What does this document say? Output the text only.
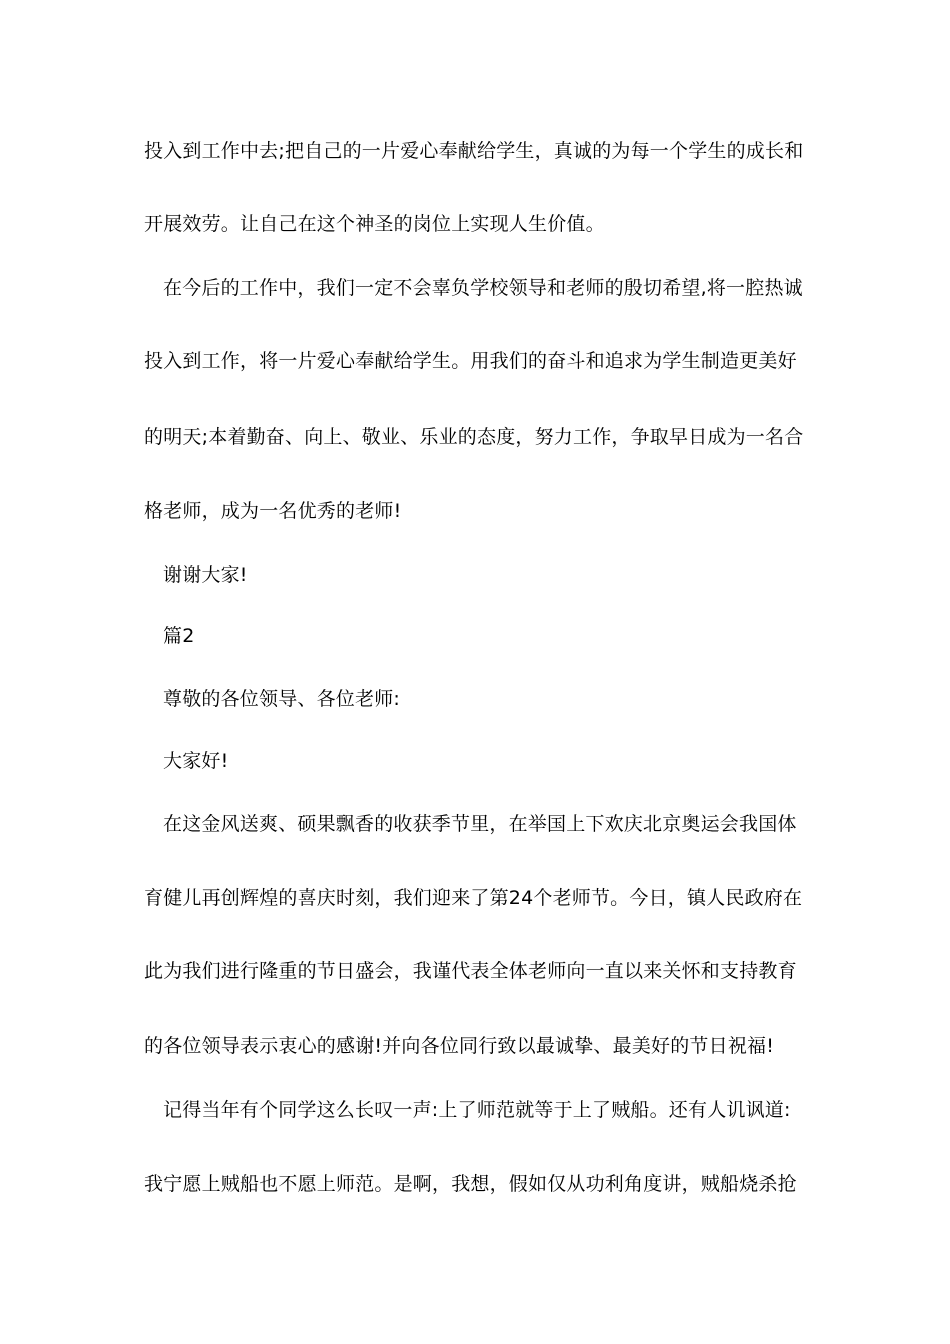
投入到工作中去;把自己的一片爱心奉献给学生，真诚的为每一个学生的成长和
开展效劳。让自己在这个神圣的岗位上实现人生价值。
在今后的工作中，我们一定不会辜负学校领导和老师的殷切希望,将一腔热诚
投入到工作，将一片爱心奉献给学生。用我们的奋斗和追求为学生制造更美好
的明天;本着勤奋、向上、敬业、乐业的态度，努力工作，争取早日成为一名合
格老师，成为一名优秀的老师!
谢谢大家!
篇2
尊敬的各位领导、各位老师:
大家好!
在这金风送爽、硕果飘香的收获季节里，在举国上下欢庆北京奥运会我国体
育健儿再创辉煌的喜庆时刻，我们迎来了第24个老师节。今日，镇人民政府在
此为我们进行隆重的节日盛会，我谨代表全体老师向一直以来关怀和支持教育
的各位领导表示衷心的感谢!并向各位同行致以最诚挚、最美好的节日祝福!
记得当年有个同学这么长叹一声:上了师范就等于上了贼船。还有人讥讽道:
我宁愿上贼船也不愿上师范。是啊，我想，假如仅从功利角度讲，贼船烧杀抢
